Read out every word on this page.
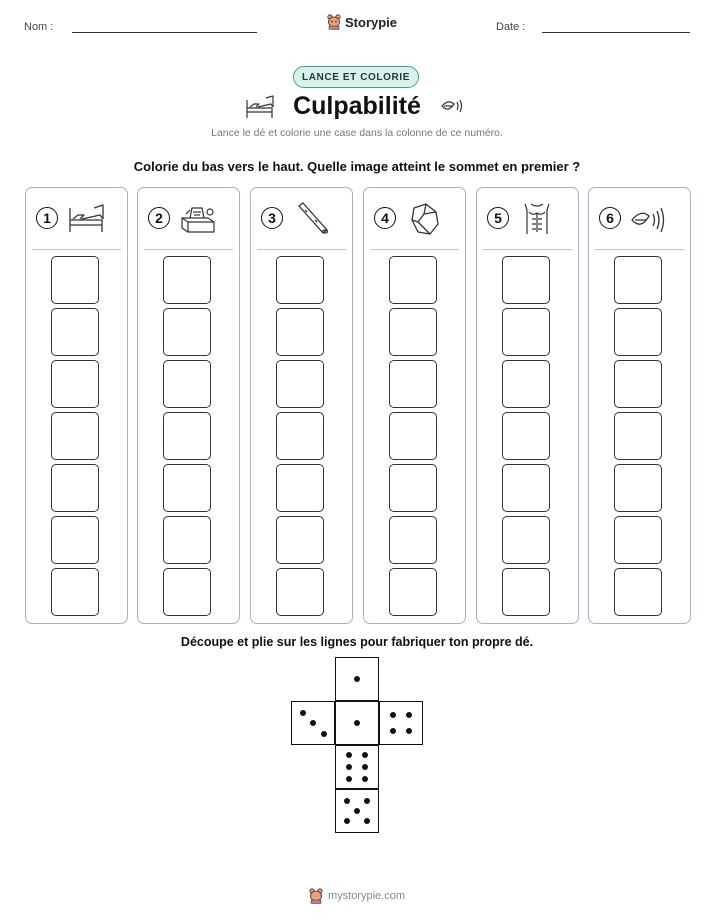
Nom :	Storypie	Date :
LANCE ET COLORIE
Culpabilité
Lance le dé et colorie une case dans la colonne de ce numéro.
Colorie du bas vers le haut. Quelle image atteint le sommet en premier ?
1	2	3	4	5	6
Découpe et plie sur les lignes pour fabriquer ton propre dé.
mystorypie.com
